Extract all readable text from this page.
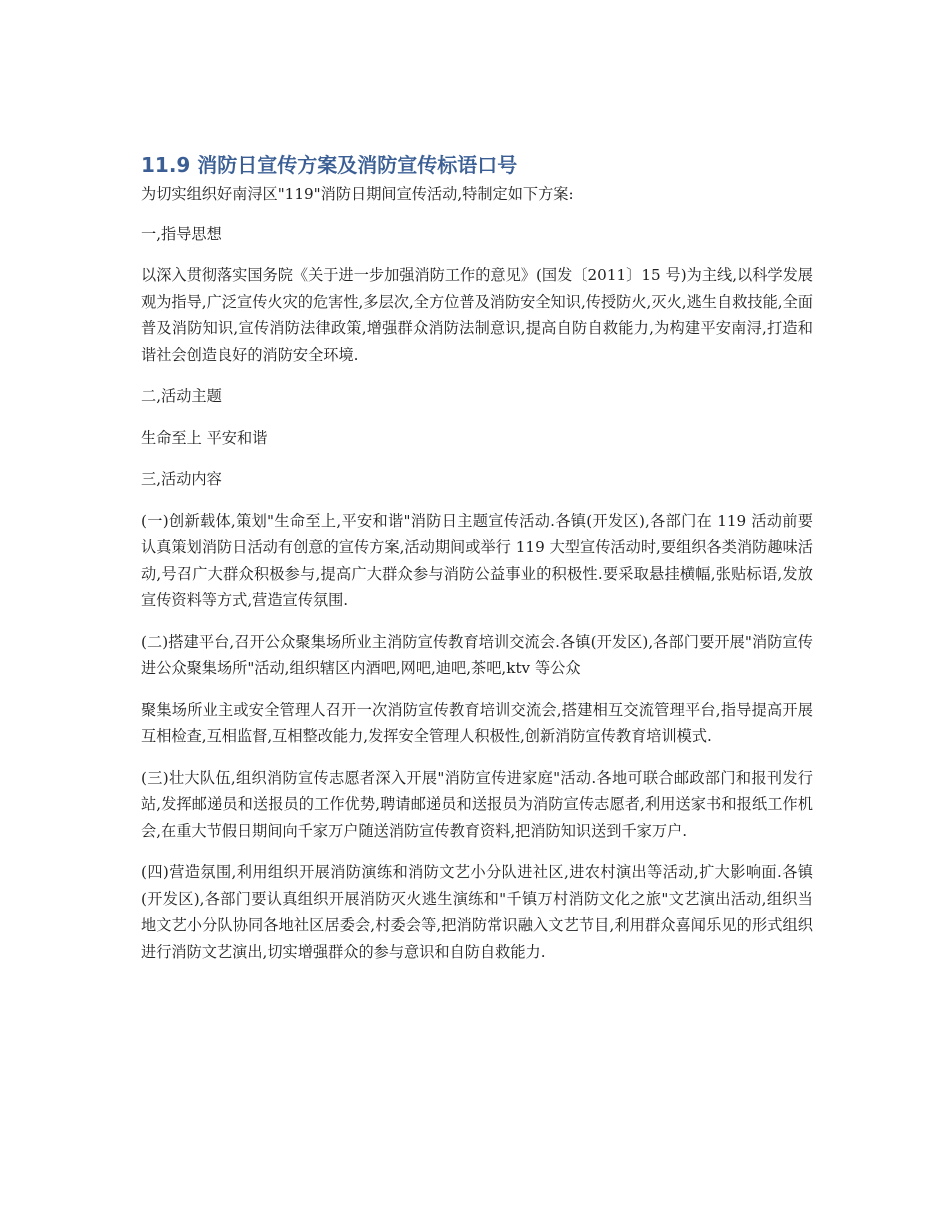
11.9 消防日宣传方案及消防宣传标语口号

为切实组织好南浔区"119"消防日期间宣传活动,特制定如下方案:

一,指导思想

以深入贯彻落实国务院《关于进一步加强消防工作的意见》(国发〔2011〕15 号)为主线,以科学发展观为指导,广泛宣传火灾的危害性,多层次,全方位普及消防安全知识,传授防火,灭火,逃生自救技能,全面普及消防知识,宣传消防法律政策,增强群众消防法制意识,提高自防自救能力,为构建平安南浔,打造和谐社会创造良好的消防安全环境.

二,活动主题

生命至上 平安和谐

三,活动内容

(一)创新载体,策划"生命至上,平安和谐"消防日主题宣传活动.各镇(开发区),各部门在 119 活动前要认真策划消防日活动有创意的宣传方案,活动期间或举行 119 大型宣传活动时,要组织各类消防趣味活动,号召广大群众积极参与,提高广大群众参与消防公益事业的积极性.要采取悬挂横幅,张贴标语,发放宣传资料等方式,营造宣传氛围.

(二)搭建平台,召开公众聚集场所业主消防宣传教育培训交流会.各镇(开发区),各部门要开展"消防宣传进公众聚集场所"活动,组织辖区内酒吧,网吧,迪吧,茶吧,ktv 等公众

聚集场所业主或安全管理人召开一次消防宣传教育培训交流会,搭建相互交流管理平台,指导提高开展互相检查,互相监督,互相整改能力,发挥安全管理人积极性,创新消防宣传教育培训模式.

(三)壮大队伍,组织消防宣传志愿者深入开展"消防宣传进家庭"活动.各地可联合邮政部门和报刊发行站,发挥邮递员和送报员的工作优势,聘请邮递员和送报员为消防宣传志愿者,利用送家书和报纸工作机会,在重大节假日期间向千家万户随送消防宣传教育资料,把消防知识送到千家万户.

(四)营造氛围,利用组织开展消防演练和消防文艺小分队进社区,进农村演出等活动,扩大影响面.各镇(开发区),各部门要认真组织开展消防灭火逃生演练和"千镇万村消防文化之旅"文艺演出活动,组织当地文艺小分队协同各地社区居委会,村委会等,把消防常识融入文艺节目,利用群众喜闻乐见的形式组织进行消防文艺演出,切实增强群众的参与意识和自防自救能力.
